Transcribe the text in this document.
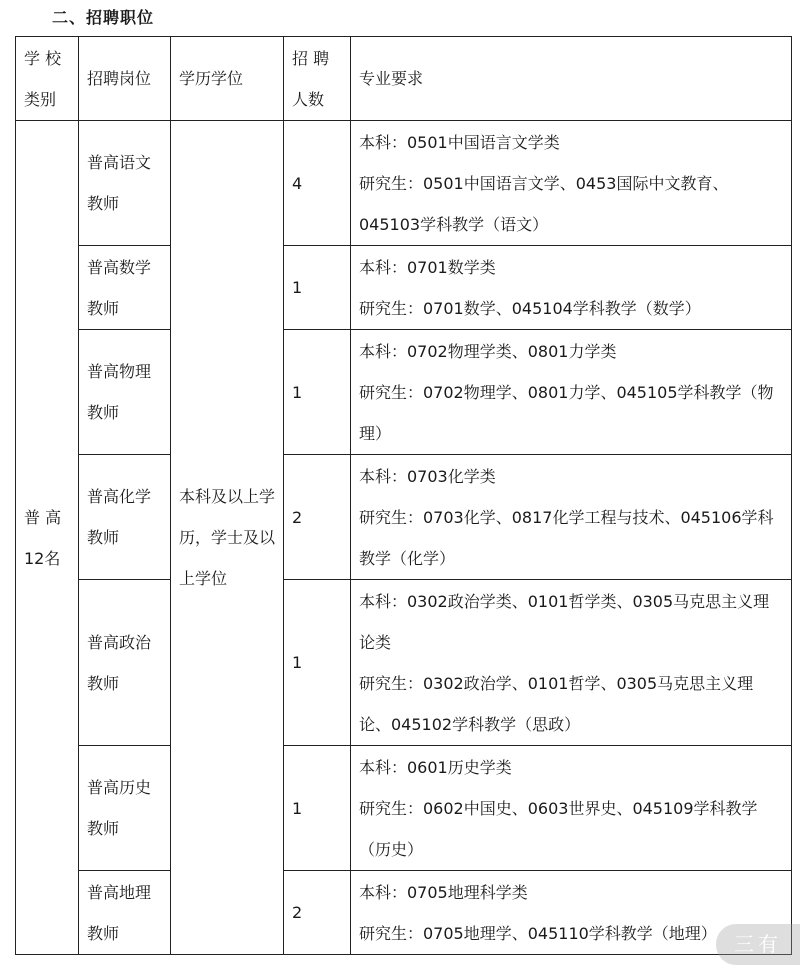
二、招聘职位
学 校类别	招聘岗位	学历学位	招 聘人数	专业要求

普 高12名	普高语文教师	本科及以上学历，学士及以上学位	4	本科：0501中国语言文学类
研究生：0501中国语言文学、0453国际中文教育、045103学科教学（语文）

	普高数学教师		1	本科：0701数学类
研究生：0701数学、045104学科教学（数学）

	普高物理教师		1	本科：0702物理学类、0801力学类
研究生：0702物理学、0801力学、045105学科教学（物理）

	普高化学教师		2	本科：0703化学类
研究生：0703化学、0817化学工程与技术、045106学科教学（化学）

	普高政治教师		1	本科：0302政治学类、0101哲学类、0305马克思主义理论类
研究生：0302政治学、0101哲学、0305马克思主义理论、045102学科教学（思政）

	普高历史教师		1	本科：0601历史学类
研究生：0602中国史、0603世界史、045109学科教学（历史）

	普高地理教师		2	本科：0705地理科学类
研究生：0705地理学、045110学科教学（地理） 三有
